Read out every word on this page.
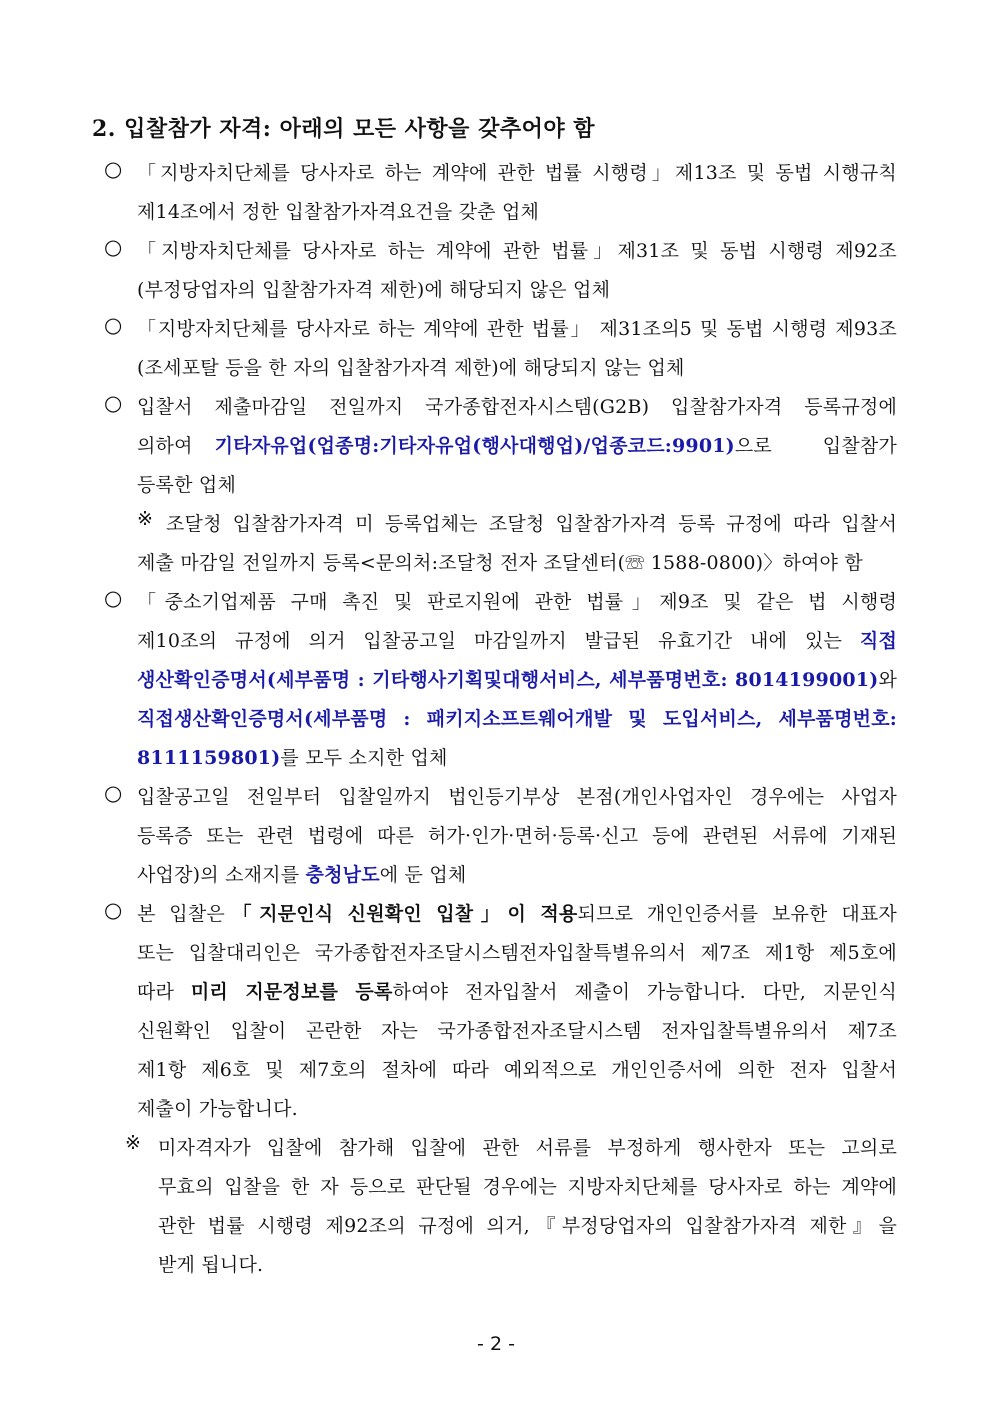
2. 입찰참가 자격: 아래의 모든 사항을 갖추어야 함
○ 「지방자치단체를 당사자로 하는 계약에 관한 법률 시행령」제13조 및 동법 시행규칙
제14조에서 정한 입찰참가자격요건을 갖춘 업체
○ 「지방자치단체를 당사자로 하는 계약에 관한 법률」제31조 및 동법 시행령 제92조
(부정당업자의 입찰참가자격 제한)에 해당되지 않은 업체
○ 「지방자치단체를 당사자로 하는 계약에 관한 법률」 제31조의5 및 동법 시행령 제93조
(조세포탈 등을 한 자의 입찰참가자격 제한)에 해당되지 않는 업체
○ 입찰서 제출마감일 전일까지 국가종합전자시스템(G2B) 입찰참가자격 등록규정에
의하여 기타자유업(업종명:기타자유업(행사대행업)/업종코드:9901)으로 입찰참가
등록한 업체
※ 조달청 입찰참가자격 미 등록업체는 조달청 입찰참가자격 등록 규정에 따라 입찰서
제출 마감일 전일까지 등록<문의처:조달청 전자 조달센터(☏ 1588-0800)〉하여야 함
○ 「중소기업제품 구매 촉진 및 판로지원에 관한 법률」제9조 및 같은 법 시행령
제10조의 규정에 의거 입찰공고일 마감일까지 발급된 유효기간 내에 있는 직접
생산확인증명서(세부품명 : 기타행사기획및대행서비스, 세부품명번호: 8014199001)와
직접생산확인증명서(세부품명 : 패키지소프트웨어개발 및 도입서비스, 세부품명번호:
8111159801)를 모두 소지한 업체
○ 입찰공고일 전일부터 입찰일까지 법인등기부상 본점(개인사업자인 경우에는 사업자
등록증 또는 관련 법령에 따른 허가·인가·면허·등록·신고 등에 관련된 서류에 기재된
사업장)의 소재지를 충청남도에 둔 업체
○ 본 입찰은「지문인식 신원확인 입찰」이 적용되므로 개인인증서를 보유한 대표자
또는 입찰대리인은 국가종합전자조달시스템전자입찰특별유의서 제7조 제1항 제5호에
따라 미리 지문정보를 등록하여야 전자입찰서 제출이 가능합니다. 다만, 지문인식
신원확인 입찰이 곤란한 자는 국가종합전자조달시스템 전자입찰특별유의서 제7조
제1항 제6호 및 제7호의 절차에 따라 예외적으로 개인인증서에 의한 전자 입찰서
제출이 가능합니다.
※ 미자격자가 입찰에 참가해 입찰에 관한 서류를 부정하게 행사한자 또는 고의로
무효의 입찰을 한 자 등으로 판단될 경우에는 지방자치단체를 당사자로 하는 계약에
관한 법률 시행령 제92조의 규정에 의거,『부정당업자의 입찰참가자격 제한』을
받게 됩니다.
- 2 -
